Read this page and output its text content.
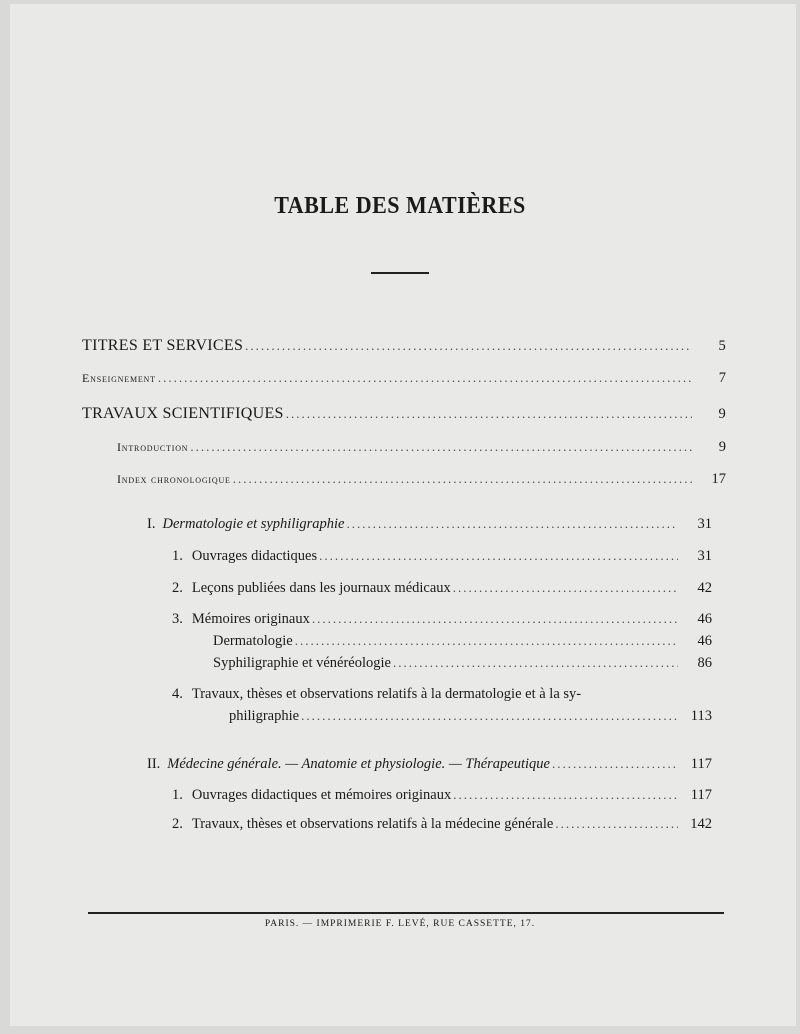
TABLE DES MATIÈRES
TITRES ET SERVICES .....	5
Enseignement .....	7
TRAVAUX SCIENTIFIQUES .....	9
Introduction .....	9
Index chronologique .....	17
I. Dermatologie et syphiligraphie .....	31
1. Ouvrages didactiques .....	31
2. Leçons publiées dans les journaux médicaux .....	42
3. Mémoires originaux .....	46
Dermatologie .....	46
Syphiligraphie et vénéréologie .....	86
4. Travaux, thèses et observations relatifs à la dermatologie et à la sy-
philigraphie .....	113
II. Médecine générale. — Anatomie et physiologie. — Thérapeutique .....	117
1. Ouvrages didactiques et mémoires originaux .....	117
2. Travaux, thèses et observations relatifs à la médecine générale .....	142
PARIS. — IMPRIMERIE F. LEVÉ, RUE CASSETTE, 17.
